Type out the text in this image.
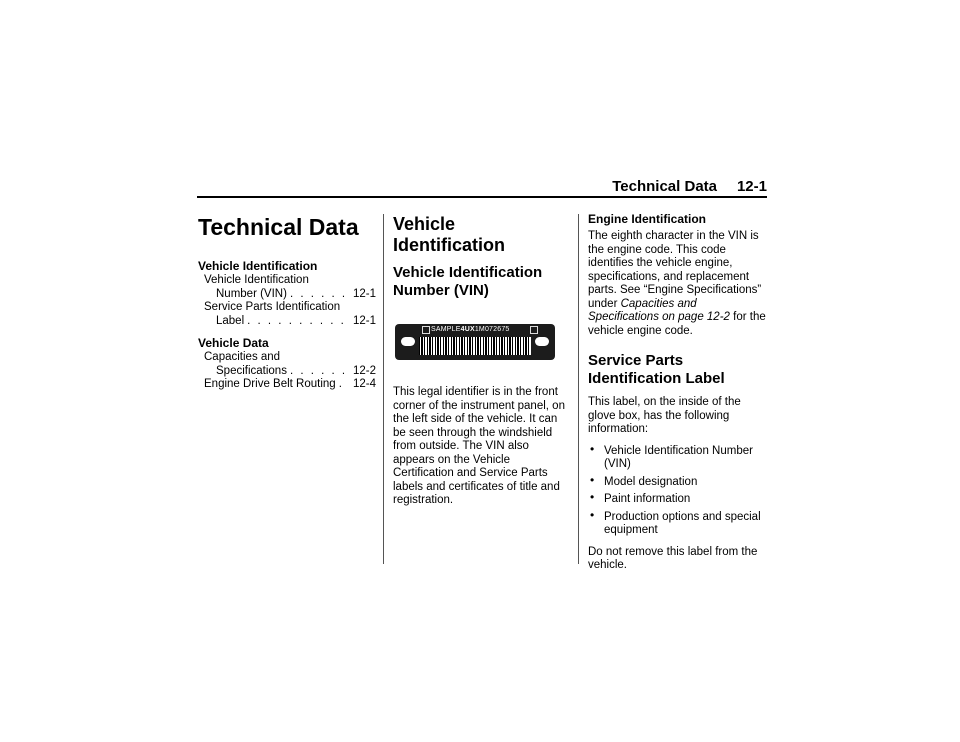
Technical Data 12-1
Technical Data
Vehicle Identification
Vehicle Identification
Number (VIN) . . .	12-1
Service Parts Identification
Label . . .	12-1
Vehicle Data
Capacities and
Specifications . . .	12-2
Engine Drive Belt Routing . . . 12-4
Vehicle Identification
Vehicle Identification Number (VIN)
SAMPLE4UX1M072675
This legal identifier is in the front corner of the instrument panel, on the left side of the vehicle. It can be seen through the windshield from outside. The VIN also appears on the Vehicle Certification and Service Parts labels and certificates of title and registration.
Engine Identification
The eighth character in the VIN is the engine code. This code identifies the vehicle engine, specifications, and replacement parts. See “Engine Specifications” under Capacities and Specifications on page 12-2 for the vehicle engine code.
Service Parts Identification Label
This label, on the inside of the glove box, has the following information:
• Vehicle Identification Number (VIN)
• Model designation
• Paint information
• Production options and special equipment
Do not remove this label from the vehicle.
